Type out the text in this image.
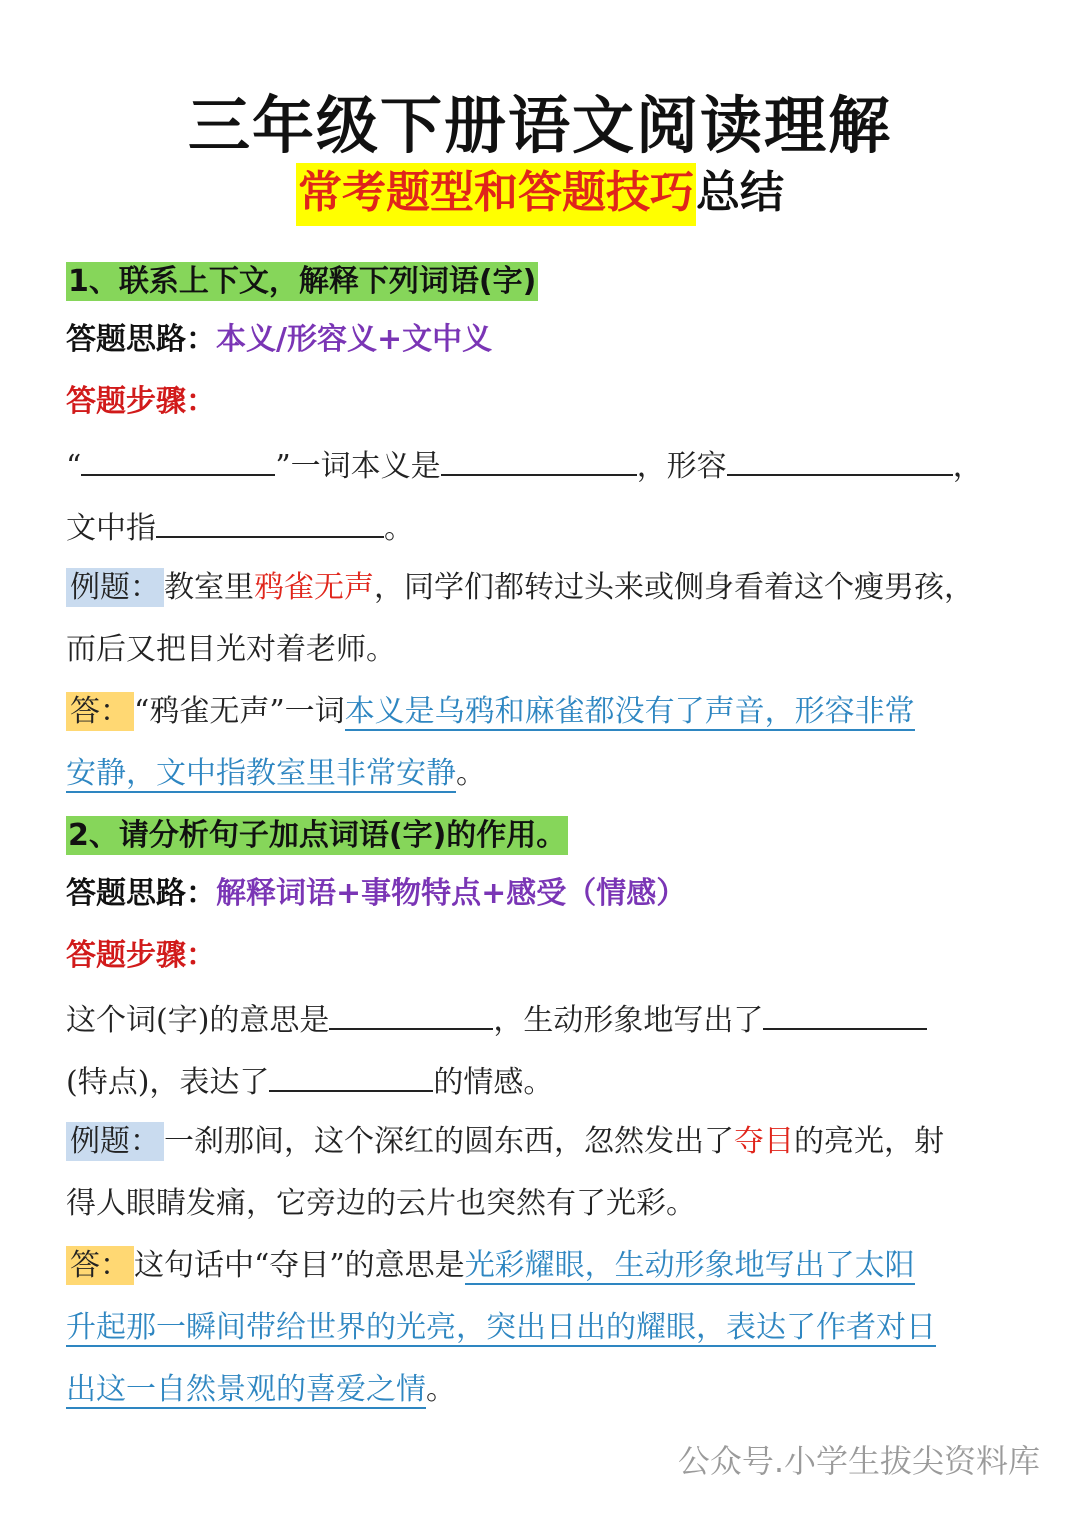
三年级下册语文阅读理解
常考题型和答题技巧总结
1、联系上下文，解释下列词语(字)
答题思路：本义/形容义+文中义
答题步骤：
“	”一词本义是	，形容	，
文中指	。
例题： 教室里鸦雀无声，同学们都转过头来或侧身看着这个瘦男孩，
而后又把目光对着老师。
答： “鸦雀无声”一词本义是乌鸦和麻雀都没有了声音，形容非常
安静，文中指教室里非常安静。
2、请分析句子加点词语(字)的作用。
答题思路：解释词语+事物特点+感受（情感）
答题步骤：
这个词(字)的意思是	，生动形象地写出了
(特点)，表达了	的情感。
例题： 一刹那间，这个深红的圆东西，忽然发出了夺目的亮光，射
得人眼睛发痛，它旁边的云片也突然有了光彩。
答： 这句话中“夺目”的意思是光彩耀眼，生动形象地写出了太阳
升起那一瞬间带给世界的光亮，突出日出的耀眼，表达了作者对日
出这一自然景观的喜爱之情。
公众号.小学生拔尖资料库
